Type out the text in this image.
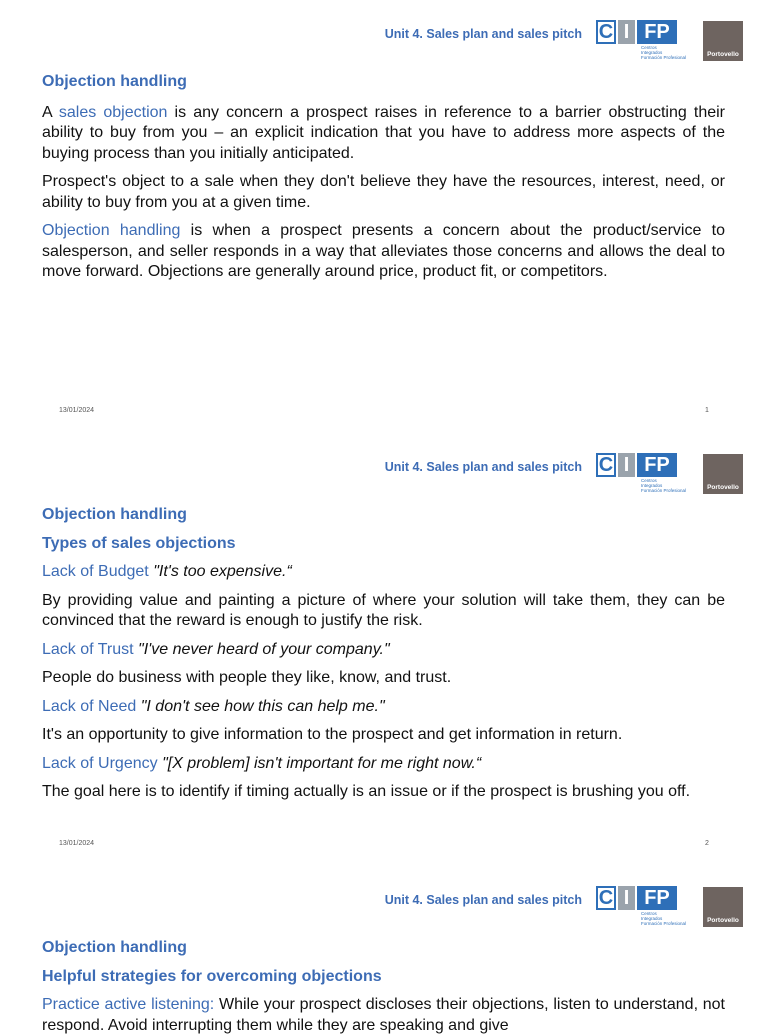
Unit 4. Sales plan and sales pitch C I FP
Centros
Integrados
Formación Profesional	Portovello
Objection handling

A sales objection is any concern a prospect raises in reference to a barrier obstructing their ability to buy from you – an explicit indication that you have to address more aspects of the buying process than you initially anticipated.

Prospect's object to a sale when they don't believe they have the resources, interest, need, or ability to buy from you at a given time.

Objection handling is when a prospect presents a concern about the product/service to salesperson, and seller responds in a way that alleviates those concerns and allows the deal to move forward. Objections are generally around price, product fit, or competitors.

13/01/2024	1
Unit 4. Sales plan and sales pitch C I FP
Centros
Integrados
Formación Profesional	Portovello
Objection handling
Types of sales objections

Lack of Budget "It's too expensive.“

By providing value and painting a picture of where your solution will take them, they can be convinced that the reward is enough to justify the risk.

Lack of Trust "I've never heard of your company."

People do business with people they like, know, and trust.

Lack of Need "I don't see how this can help me."

It's an opportunity to give information to the prospect and get information in return.

Lack of Urgency "[X problem] isn't important for me right now.“

The goal here is to identify if timing actually is an issue or if the prospect is brushing you off.

13/01/2024	2
Unit 4. Sales plan and sales pitch C I FP
Centros
Integrados
Formación Profesional	Portovello
Objection handling
Helpful strategies for overcoming objections

Practice active listening: While your prospect discloses their objections, listen to understand, not respond. Avoid interrupting them while they are speaking and give
